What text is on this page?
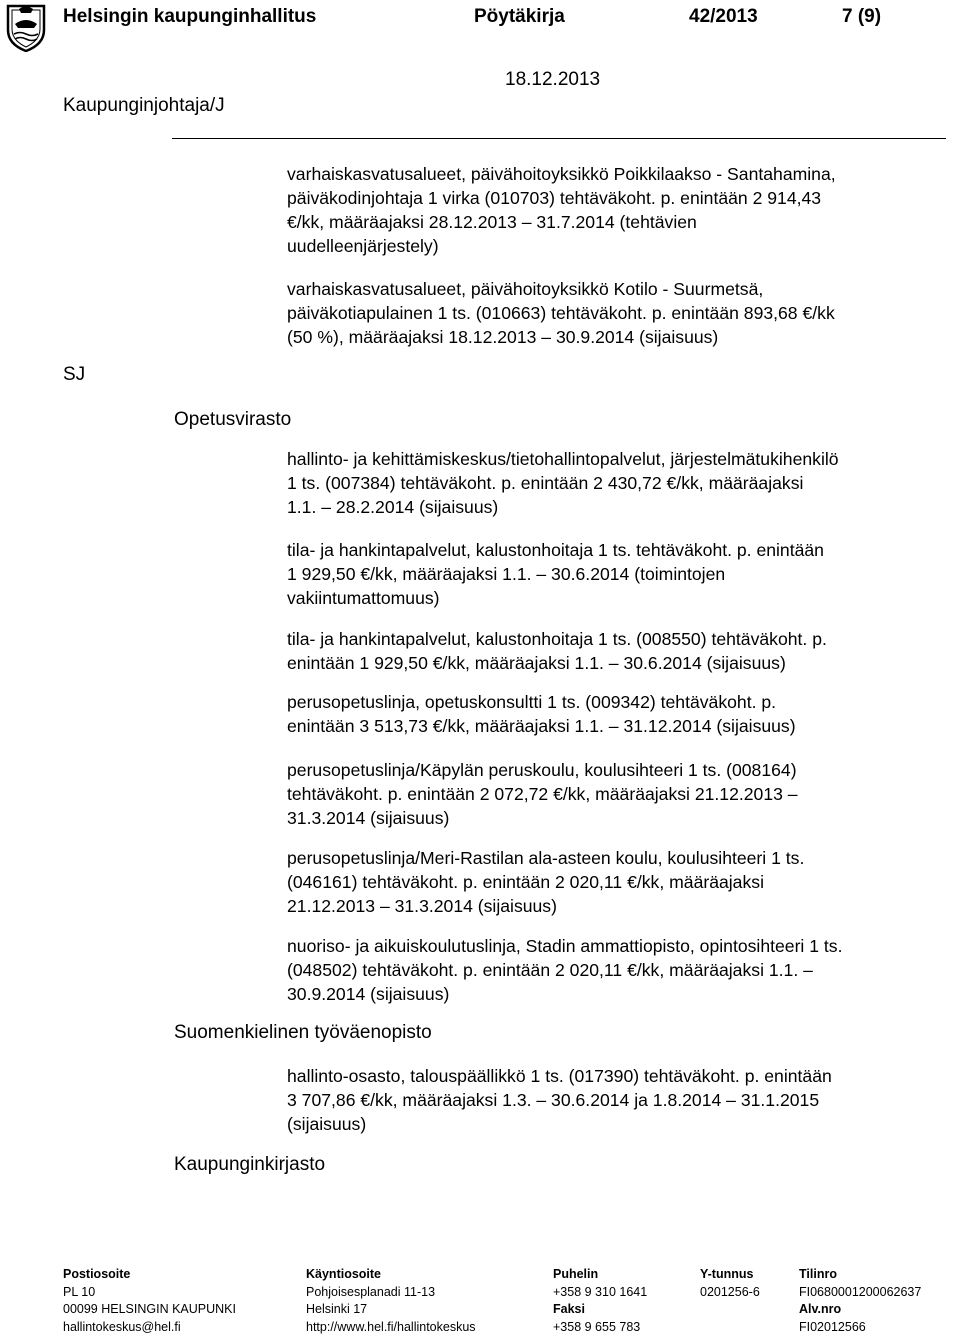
Helsingin kaupunginhallitus	Pöytäkirja	42/2013	7 (9)
Kaupunginjohtaja/J
18.12.2013
SJ
Opetusvirasto
Suomenkielinen työväenopisto
Kaupunginkirjasto
varhaiskasvatusalueet, päivähoitoyksikkö Poikkilaakso - Santahamina,
päiväkodinjohtaja 1 virka (010703) tehtäväkoht. p. enintään 2 914,43
€/kk, määräajaksi 28.12.2013 – 31.7.2014 (tehtävien
uudelleenjärjestely)
varhaiskasvatusalueet, päivähoitoyksikkö Kotilo - Suurmetsä,
päiväkotiapulainen 1 ts. (010663) tehtäväkoht. p. enintään 893,68 €/kk
(50 %), määräajaksi 18.12.2013 – 30.9.2014 (sijaisuus)
hallinto- ja kehittämiskeskus/tietohallintopalvelut, järjestelmätukihenkilö
1 ts. (007384) tehtäväkoht. p. enintään 2 430,72 €/kk, määräajaksi
1.1. – 28.2.2014 (sijaisuus)
tila- ja hankintapalvelut, kalustonhoitaja 1 ts. tehtäväkoht. p. enintään
1 929,50 €/kk, määräajaksi 1.1. – 30.6.2014 (toimintojen
vakiintumattomuus)
tila- ja hankintapalvelut, kalustonhoitaja 1 ts. (008550) tehtäväkoht. p.
enintään 1 929,50 €/kk, määräajaksi 1.1. – 30.6.2014 (sijaisuus)
perusopetuslinja, opetuskonsultti 1 ts. (009342) tehtäväkoht. p.
enintään 3 513,73 €/kk, määräajaksi 1.1. – 31.12.2014 (sijaisuus)
perusopetuslinja/Käpylän peruskoulu, koulusihteeri 1 ts. (008164)
tehtäväkoht. p. enintään 2 072,72 €/kk, määräajaksi 21.12.2013 –
31.3.2014 (sijaisuus)
perusopetuslinja/Meri-Rastilan ala-asteen koulu, koulusihteeri 1 ts.
(046161) tehtäväkoht. p. enintään 2 020,11 €/kk, määräajaksi
21.12.2013 – 31.3.2014 (sijaisuus)
nuoriso- ja aikuiskoulutuslinja, Stadin ammattiopisto, opintosihteeri 1 ts.
(048502) tehtäväkoht. p. enintään 2 020,11 €/kk, määräajaksi 1.1. –
30.9.2014 (sijaisuus)
hallinto-osasto, talouspäällikkö 1 ts. (017390) tehtäväkoht. p. enintään
3 707,86 €/kk, määräajaksi 1.3. – 30.6.2014 ja 1.8.2014 – 31.1.2015
(sijaisuus)
Postiosoite
PL 10
00099 HELSINGIN KAUPUNKI
hallintokeskus@hel.fi
Käyntiosoite
Pohjoisesplanadi 11-13
Helsinki 17
http://www.hel.fi/hallintokeskus
Puhelin
+358 9 310 1641
Faksi
+358 9 655 783
Y-tunnus
0201256-6
Tilinro
FI0680001200062637
Alv.nro
FI02012566
